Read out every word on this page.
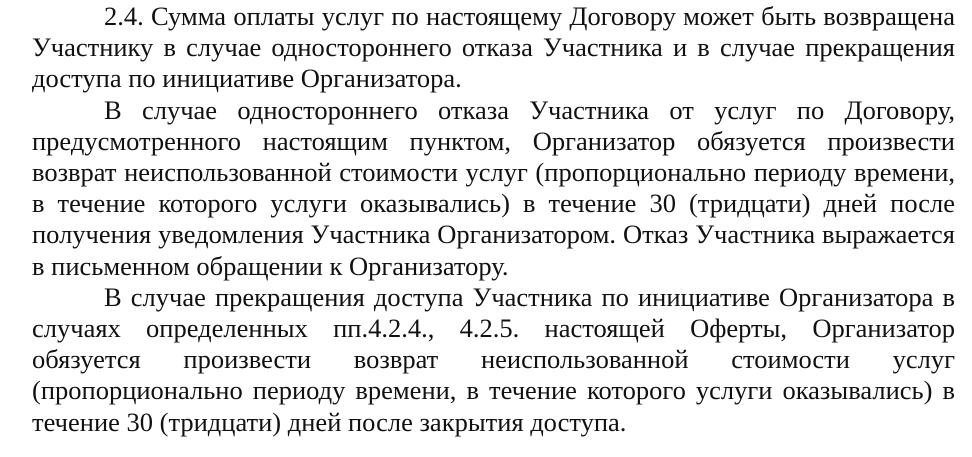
2.4. Сумма оплаты услуг по настоящему Договору может быть возвращена Участнику в случае одностороннего отказа Участника и в случае прекращения доступа по инициативе Организатора.

В случае одностороннего отказа Участника от услуг по Договору, предусмотренного настоящим пунктом, Организатор обязуется произвести возврат неиспользованной стоимости услуг (пропорционально периоду времени, в течение которого услуги оказывались) в течение 30 (тридцати) дней после получения уведомления Участника Организатором. Отказ Участника выражается в письменном обращении к Организатору.

В случае прекращения доступа Участника по инициативе Организатора в случаях определенных пп.4.2.4., 4.2.5. настоящей Оферты, Организатор обязуется произвести возврат неиспользованной стоимости услуг (пропорционально периоду времени, в течение которого услуги оказывались) в течение 30 (тридцати) дней после закрытия доступа.
